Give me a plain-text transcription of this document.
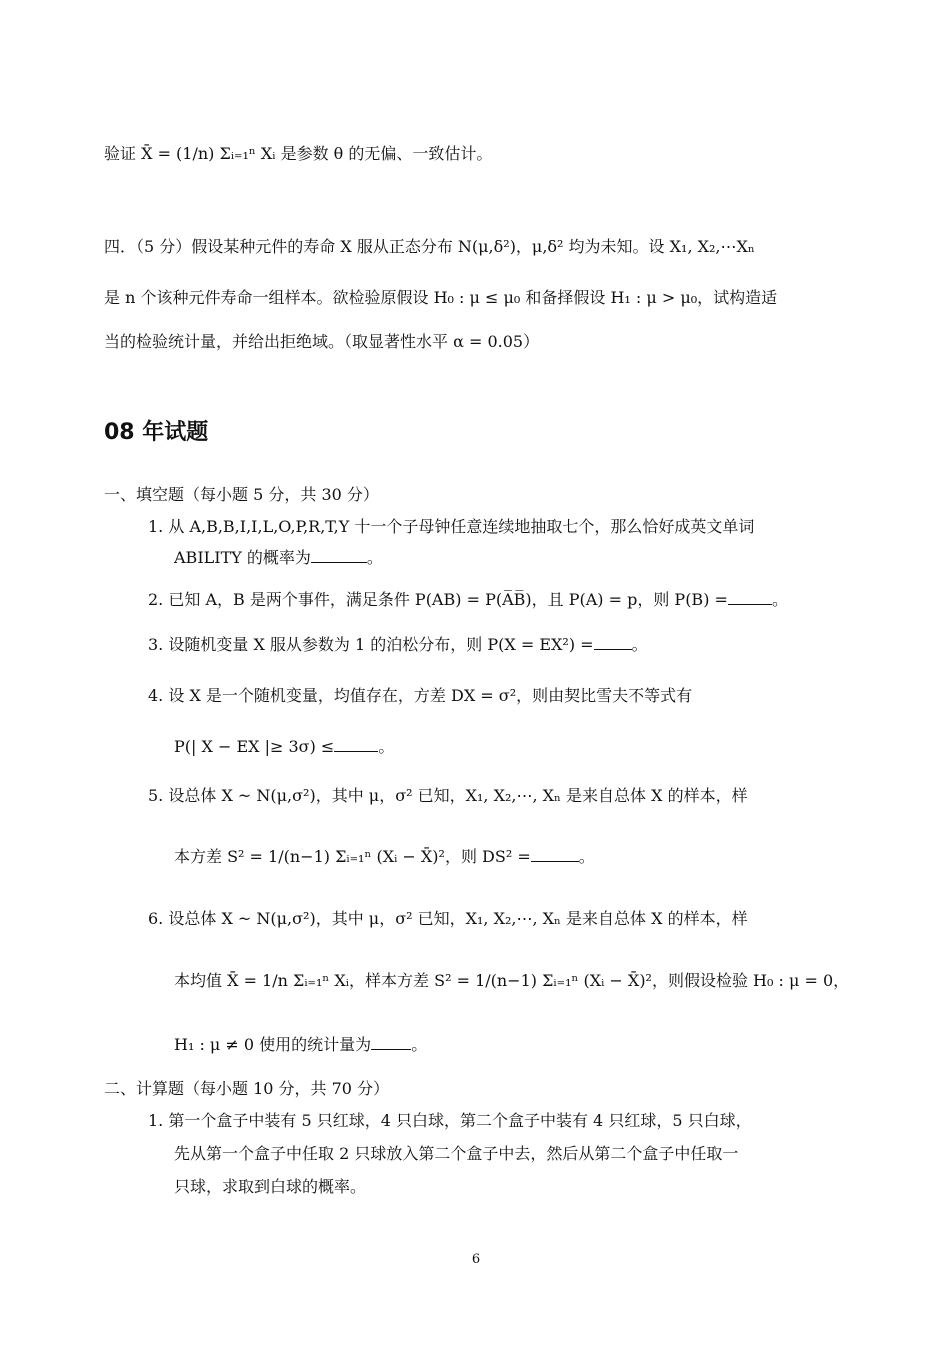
验证 X̄ = (1/n) Σᵢ₌₁ⁿ Xᵢ 是参数 θ 的无偏、一致估计。
四．（5 分）假设某种元件的寿命 X 服从正态分布 N(μ,δ²)，μ,δ² 均为未知。设 X₁, X₂,⋯Xₙ
是 n 个该种元件寿命一组样本。欲检验原假设 H₀ : μ ≤ μ₀ 和备择假设 H₁ : μ > μ₀，试构造适
当的检验统计量，并给出拒绝域。（取显著性水平 α = 0.05）
08 年试题
一、填空题（每小题 5 分，共 30 分）
1. 从 A,B,B,I,I,L,O,P,R,T,Y 十一个子母钟任意连续地抽取七个，那么恰好成英文单词
ABILITY 的概率为	。
2. 已知 A，B 是两个事件，满足条件 P(AB) = P(A̅B̅)，且 P(A) = p，则 P(B) =	。
3. 设随机变量 X 服从参数为 1 的泊松分布，则 P(X = EX²) = 。
4. 设 X 是一个随机变量，均值存在，方差 DX = σ²，则由契比雪夫不等式有
P(| X − EX |≥ 3σ) ≤	。
5. 设总体 X ~ N(μ,σ²)，其中 μ，σ² 已知，X₁, X₂,⋯, Xₙ 是来自总体 X 的样本，样
本方差 S² = 1/(n−1) Σᵢ₌₁ⁿ (Xᵢ − X̄)²，则 DS² =	。
6. 设总体 X ~ N(μ,σ²)，其中 μ，σ² 已知，X₁, X₂,⋯, Xₙ 是来自总体 X 的样本，样
本均值 X̄ = 1/n Σᵢ₌₁ⁿ Xᵢ，样本方差 S² = 1/(n−1) Σᵢ₌₁ⁿ (Xᵢ − X̄)²，则假设检验 H₀ : μ = 0，
H₁ : μ ≠ 0 使用的统计量为	。
二、计算题（每小题 10 分，共 70 分）
1. 第一个盒子中装有 5 只红球，4 只白球，第二个盒子中装有 4 只红球，5 只白球，
先从第一个盒子中任取 2 只球放入第二个盒子中去，然后从第二个盒子中任取一
只球，求取到白球的概率。
6
